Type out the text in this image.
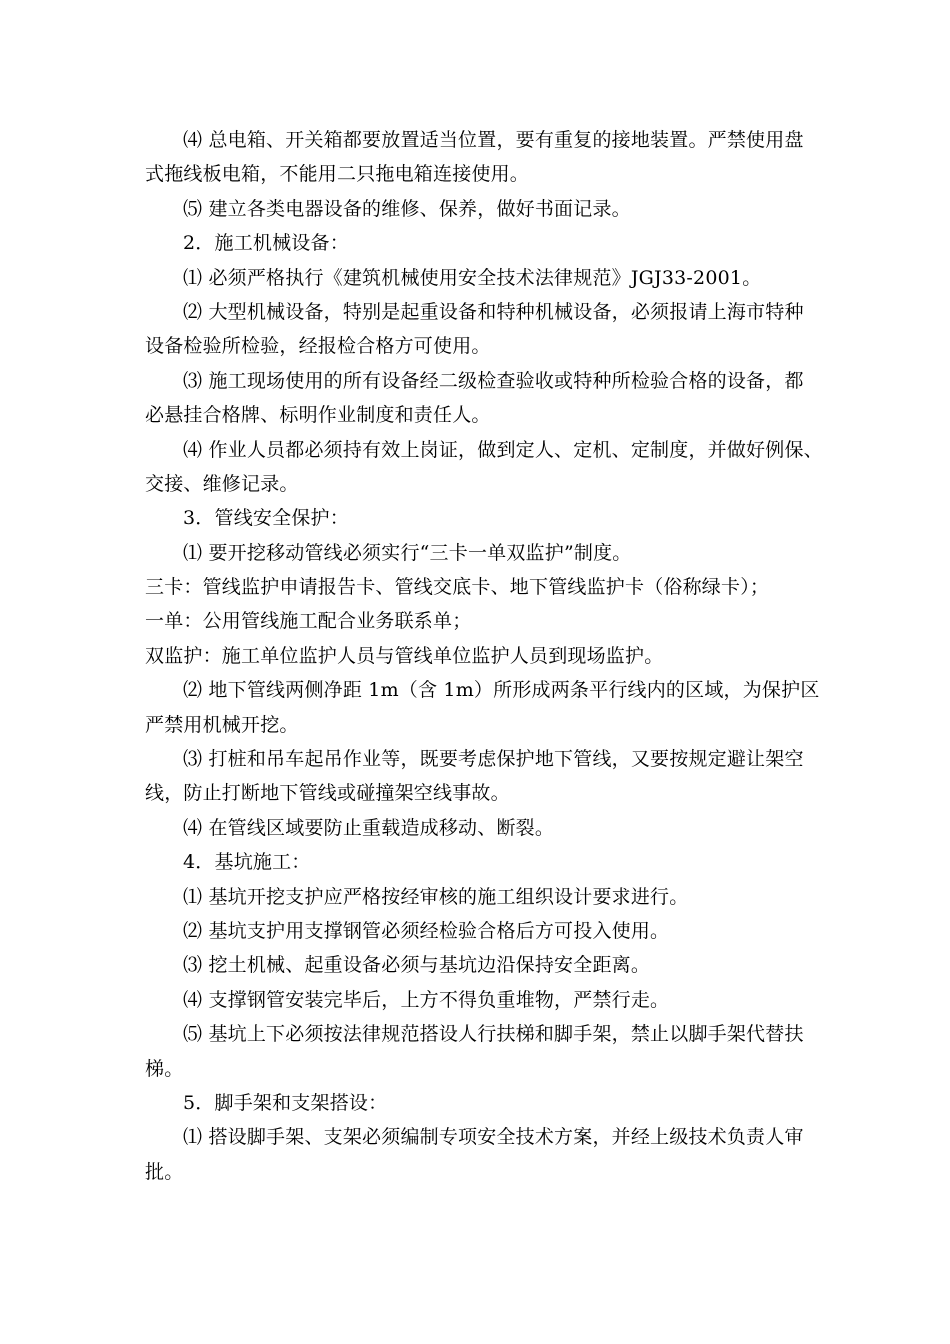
⑷ 总电箱、开关箱都要放置适当位置，要有重复的接地装置。严禁使用盘
式拖线板电箱，不能用二只拖电箱连接使用。
⑸ 建立各类电器设备的维修、保养，做好书面记录。
2．施工机械设备：
⑴ 必须严格执行《建筑机械使用安全技术法律规范》JGJ33-2001。
⑵ 大型机械设备，特别是起重设备和特种机械设备，必须报请上海市特种
设备检验所检验，经报检合格方可使用。
⑶ 施工现场使用的所有设备经二级检查验收或特种所检验合格的设备，都
必悬挂合格牌、标明作业制度和责任人。
⑷ 作业人员都必须持有效上岗证，做到定人、定机、定制度，并做好例保、
交接、维修记录。
3．管线安全保护：
⑴ 要开挖移动管线必须实行“三卡一单双监护”制度。
三卡：管线监护申请报告卡、管线交底卡、地下管线监护卡（俗称绿卡）；
一单：公用管线施工配合业务联系单；
双监护：施工单位监护人员与管线单位监护人员到现场监护。
⑵ 地下管线两侧净距 1m（含 1m）所形成两条平行线内的区域，为保护区
严禁用机械开挖。
⑶ 打桩和吊车起吊作业等，既要考虑保护地下管线，又要按规定避让架空
线，防止打断地下管线或碰撞架空线事故。
⑷ 在管线区域要防止重载造成移动、断裂。
4．基坑施工：
⑴ 基坑开挖支护应严格按经审核的施工组织设计要求进行。
⑵ 基坑支护用支撑钢管必须经检验合格后方可投入使用。
⑶ 挖土机械、起重设备必须与基坑边沿保持安全距离。
⑷ 支撑钢管安装完毕后，上方不得负重堆物，严禁行走。
⑸ 基坑上下必须按法律规范搭设人行扶梯和脚手架，禁止以脚手架代替扶
梯。
5．脚手架和支架搭设：
⑴ 搭设脚手架、支架必须编制专项安全技术方案，并经上级技术负责人审
批。
